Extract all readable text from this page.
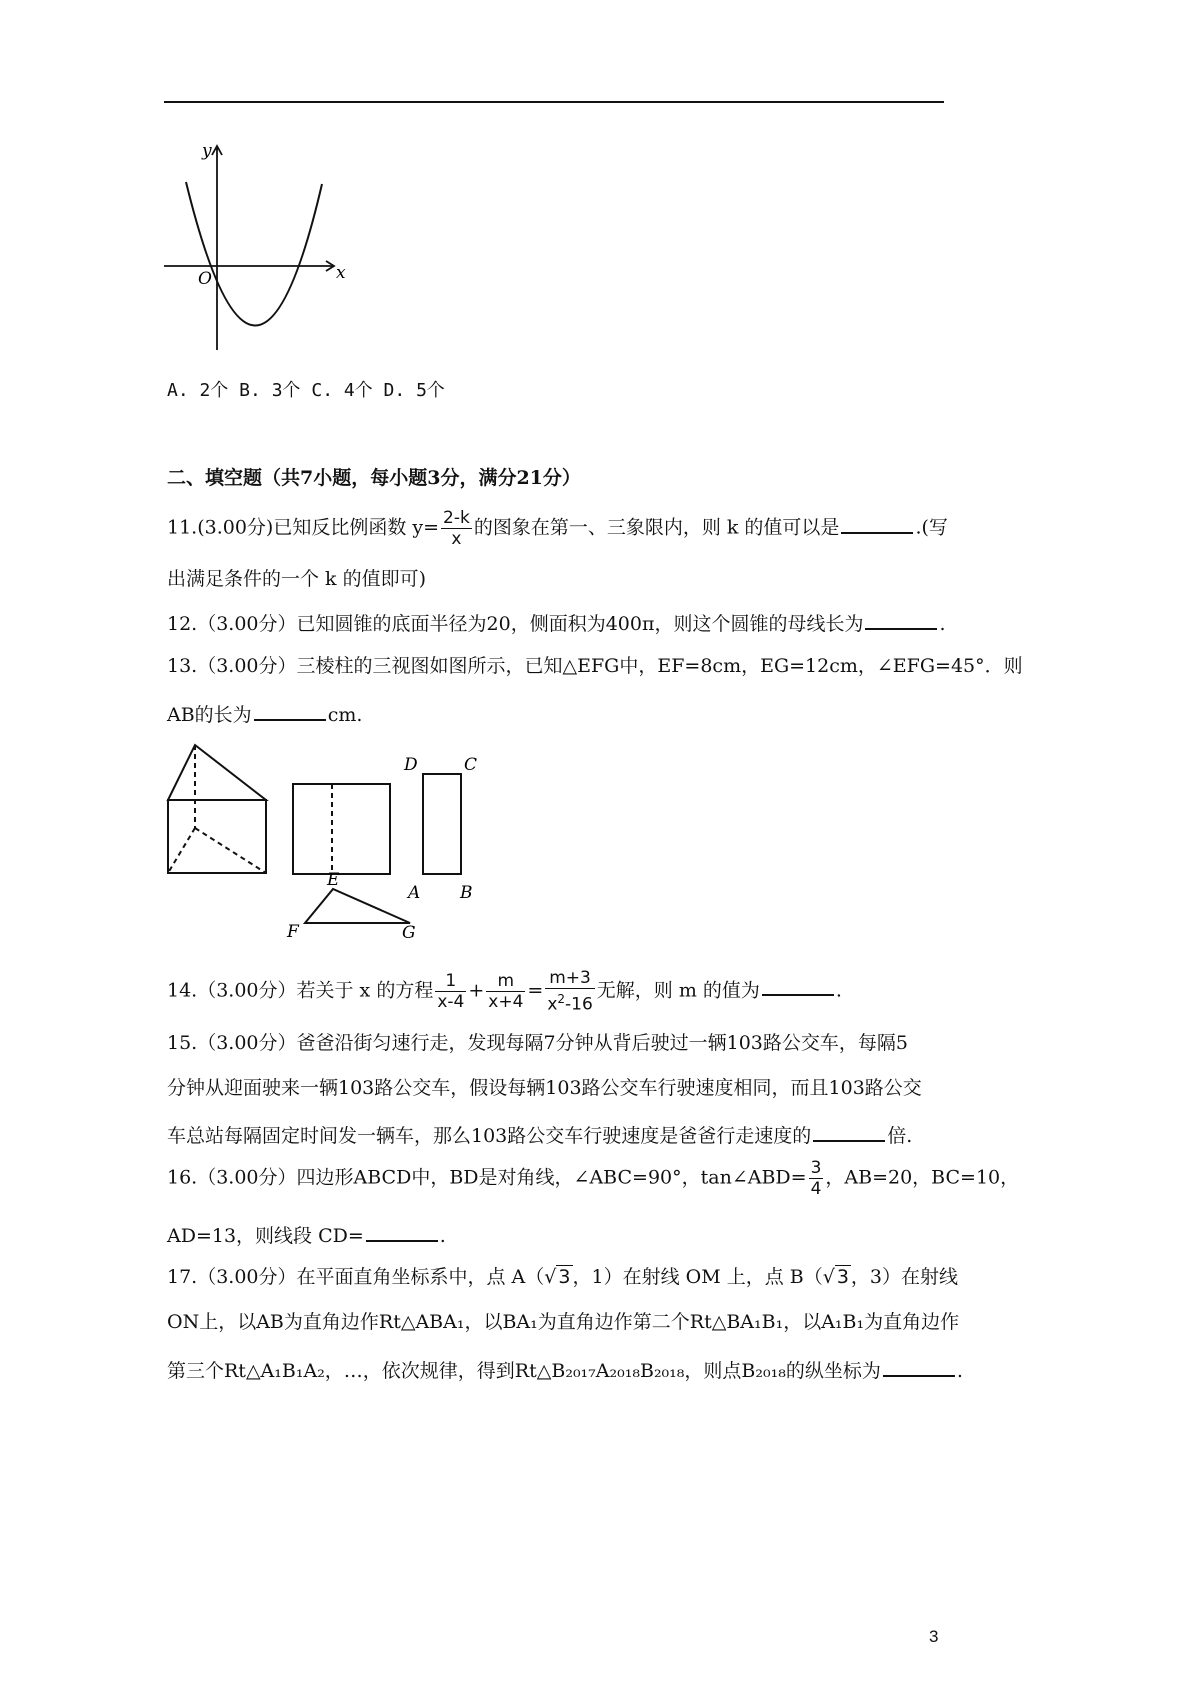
y
x
O
A. 2个 B. 3个 C. 4个 D. 5个
二、填空题（共7小题，每小题3分，满分21分）
11.(3.00分)已知反比例函数 $y= \frac{2-k}{x}$ 的图象在第一、三象限内，则 k 的值可以是	.(写
出满足条件的一个 k 的值即可)
12.（3.00分）已知圆锥的底面半径为20，侧面积为400π，则这个圆锥的母线长为	.
13.（3.00分）三棱柱的三视图如图所示，已知△EFG中，EF=8cm，EG=12cm，∠EFG=45°．则
AB的长为	cm.
D	C
A B
E
F	G
14.（3.00分）若关于 x 的方程 $\frac{1}{x-4} + \frac{m}{x+4} = \frac{m+3}{x^2-16}$ 无解，则 m 的值为	.
15.（3.00分）爸爸沿街匀速行走，发现每隔7分钟从背后驶过一辆103路公交车，每隔5
分钟从迎面驶来一辆103路公交车，假设每辆103路公交车行驶速度相同，而且103路公交
车总站每隔固定时间发一辆车，那么103路公交车行驶速度是爸爸行走速度的	倍.
16.（3.00分）四边形ABCD中，BD是对角线，∠ABC=90°，tan∠ABD= $\frac{3}{4}$ ，AB=20，BC=10，
AD=13，则线段 CD=	.
17.（3.00分）在平面直角坐标系中，点 A（√ 3 ，1）在射线 OM 上，点 B（√ 3 ，3）在射线
ON上，以AB为直角边作Rt△ABA₁，以BA₁为直角边作第二个Rt△BA₁B₁，以A₁B₁为直角边作
第三个Rt△A₁B₁A₂，…，依次规律，得到Rt△B₂₀₁₇A₂₀₁₈B₂₀₁₈，则点B₂₀₁₈的纵坐标为	.
3
